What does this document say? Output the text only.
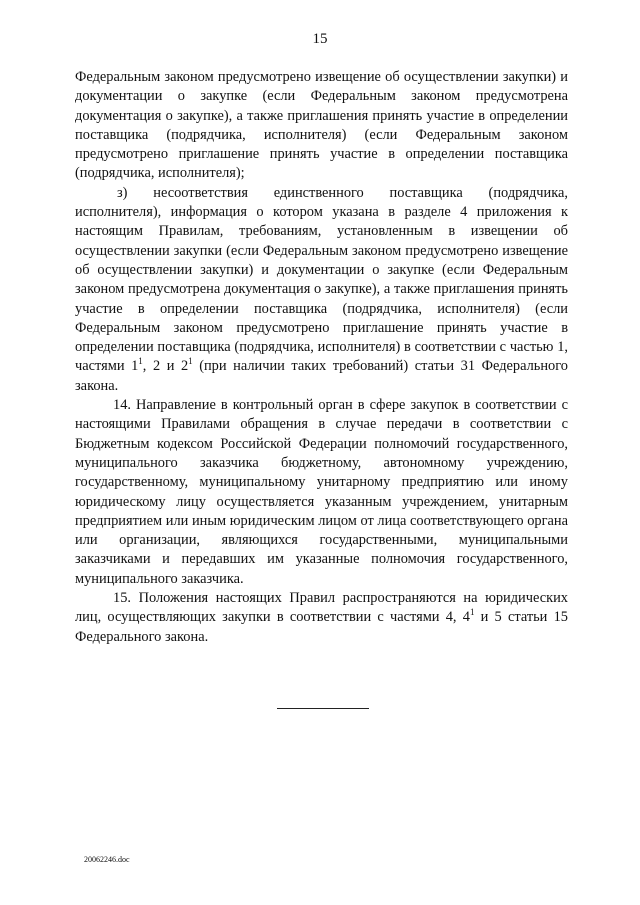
15

Федеральным законом предусмотрено извещение об осуществлении закупки) и документации о закупке (если Федеральным законом предусмотрена документация о закупке), а также приглашения принять участие в определении поставщика (подрядчика, исполнителя) (если Федеральным законом предусмотрено приглашение принять участие в определении поставщика (подрядчика, исполнителя);

з) несоответствия единственного поставщика (подрядчика, исполнителя), информация о котором указана в разделе 4 приложения к настоящим Правилам, требованиям, установленным в извещении об осуществлении закупки (если Федеральным законом предусмотрено извещение об осуществлении закупки) и документации о закупке (если Федеральным законом предусмотрена документация о закупке), а также приглашения принять участие в определении поставщика (подрядчика, исполнителя) (если Федеральным законом предусмотрено приглашение принять участие в определении поставщика (подрядчика, исполнителя) в соответствии с частью 1, частями $1^1$, 2 и $2^1$ (при наличии таких требований) статьи 31 Федерального закона.

14. Направление в контрольный орган в сфере закупок в соответствии с настоящими Правилами обращения в случае передачи в соответствии с Бюджетным кодексом Российской Федерации полномочий государственного, муниципального заказчика бюджетному, автономному учреждению, государственному, муниципальному унитарному предприятию или иному юридическому лицу осуществляется указанным учреждением, унитарным предприятием или иным юридическим лицом от лица соответствующего органа или организации, являющихся государственными, муниципальными заказчиками и передавших им указанные полномочия государственного, муниципального заказчика.

15. Положения настоящих Правил распространяются на юридических лиц, осуществляющих закупки в соответствии с частями 4, $4^1$ и 5 статьи 15 Федерального закона.

20062246.doc
